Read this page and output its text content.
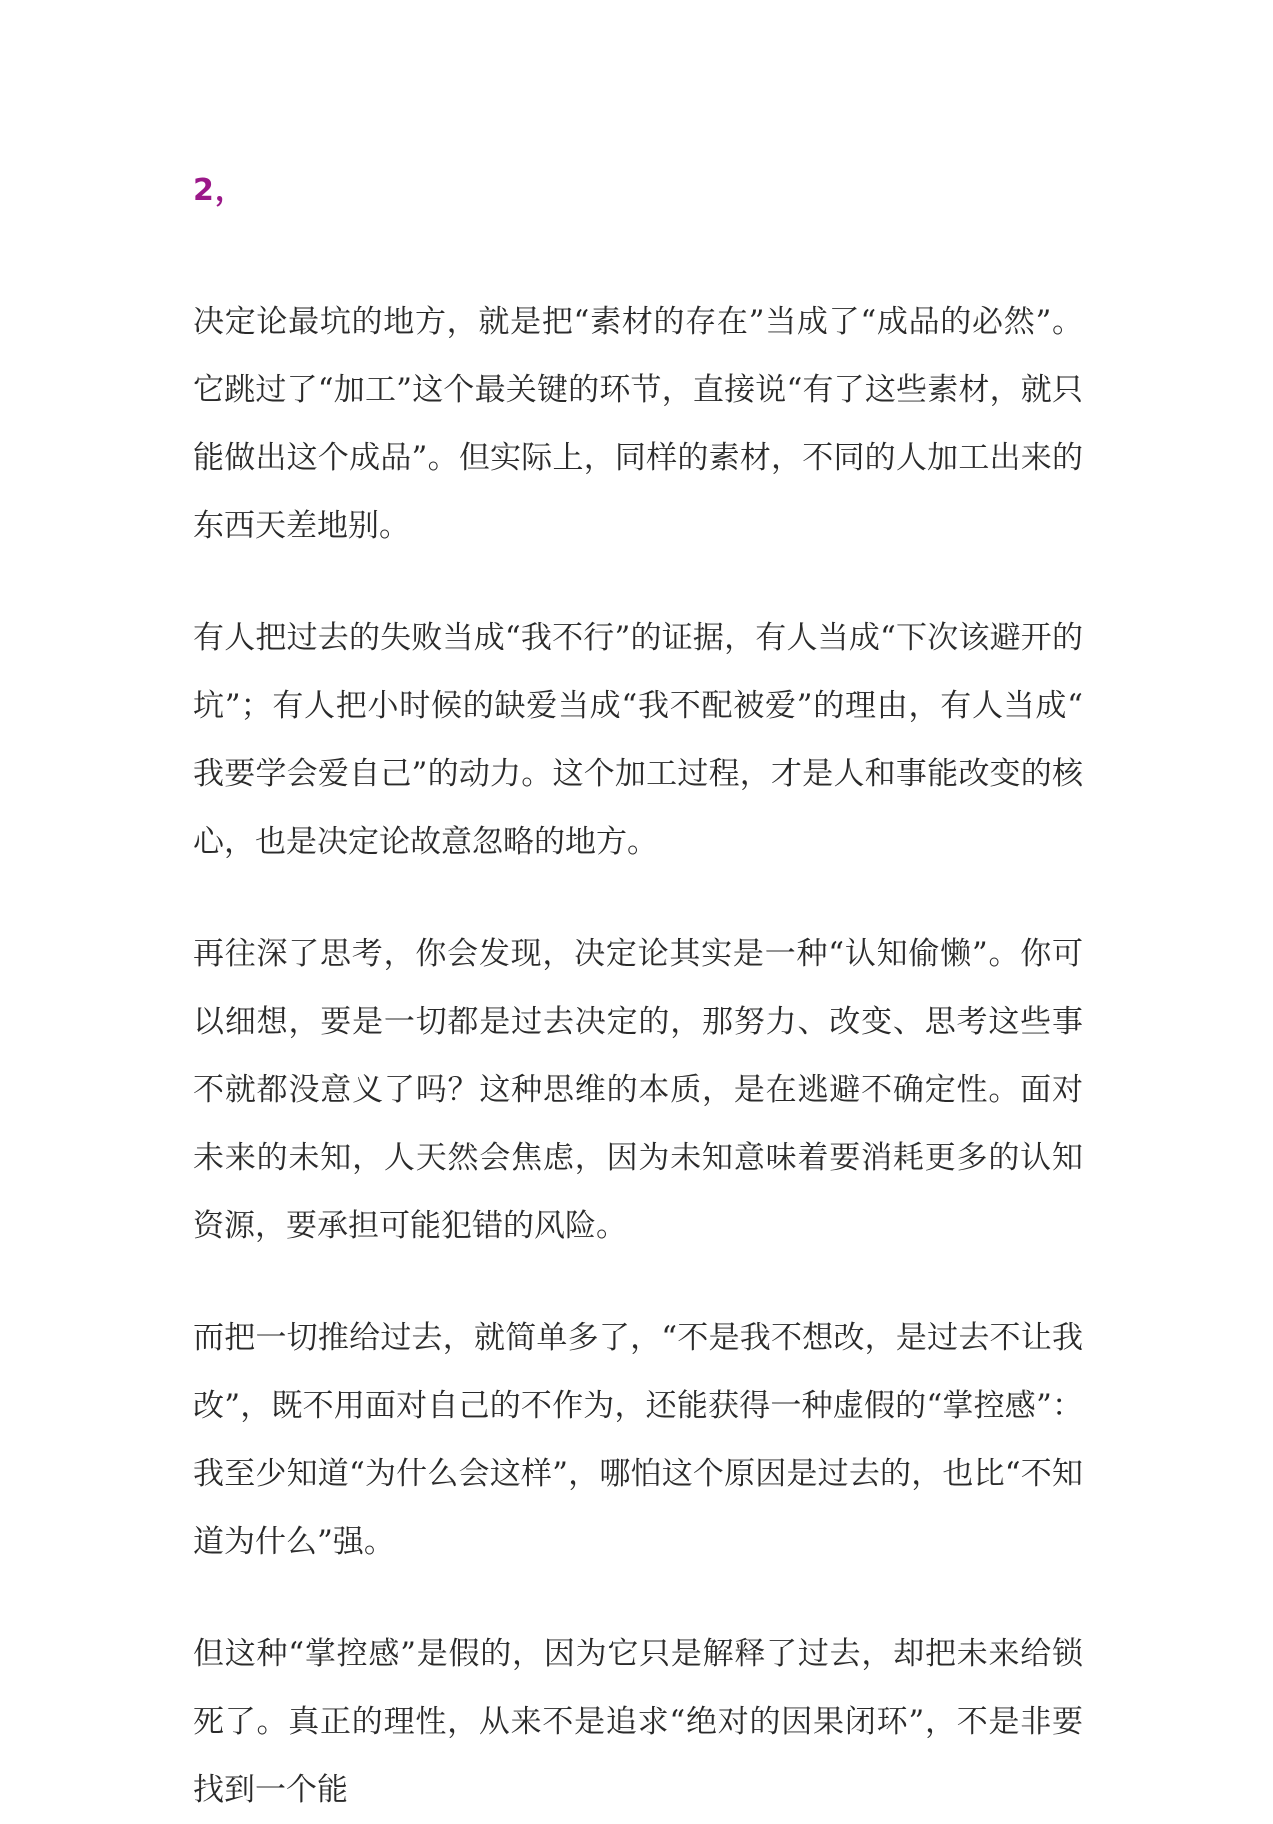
2，

决定论最坑的地方，就是把“素材的存在”当成了“成品的必然”。它跳过了“加工”这个最关键的环节，直接说“有了这些素材，就只能做出这个成品”。但实际上，同样的素材，不同的人加工出来的东西天差地别。

有人把过去的失败当成“我不行”的证据，有人当成“下次该避开的坑”；有人把小时候的缺爱当成“我不配被爱”的理由，有人当成“我要学会爱自己”的动力。这个加工过程，才是人和事能改变的核心，也是决定论故意忽略的地方。

再往深了思考，你会发现，决定论其实是一种“认知偷懒”。你可以细想，要是一切都是过去决定的，那努力、改变、思考这些事不就都没意义了吗？这种思维的本质，是在逃避不确定性。面对未来的未知，人天然会焦虑，因为未知意味着要消耗更多的认知资源，要承担可能犯错的风险。

而把一切推给过去，就简单多了，“不是我不想改，是过去不让我改”，既不用面对自己的不作为，还能获得一种虚假的“掌控感”：我至少知道“为什么会这样”，哪怕这个原因是过去的，也比“不知道为什么”强。

但这种“掌控感”是假的，因为它只是解释了过去，却把未来给锁死了。真正的理性，从来不是追求“绝对的因果闭环”，不是非要找到一个能
